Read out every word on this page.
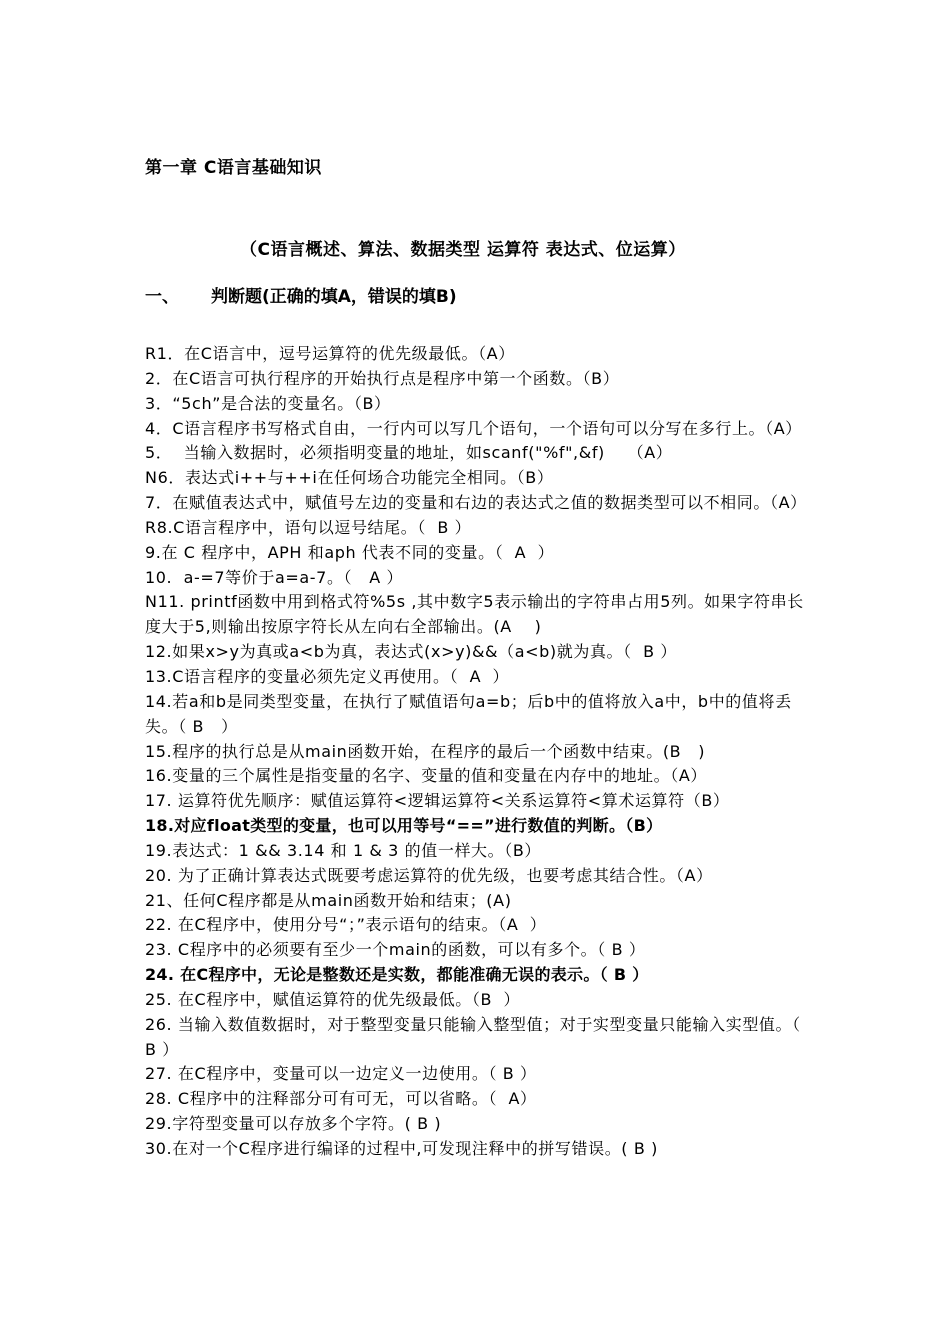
第一章 C语言基础知识
（C语言概述、算法、数据类型 运算符 表达式、位运算）
一、 判断题(正确的填A，错误的填B)
R1．在C语言中，逗号运算符的优先级最低。（A）
2．在C语言可执行程序的开始执行点是程序中第一个函数。（B）
3．“5ch”是合法的变量名。（B）
4．C语言程序书写格式自由，一行内可以写几个语句，一个语句可以分写在多行上。（A）
5．  当输入数据时，必须指明变量的地址，如scanf("%f",&f)    （A）
N6．表达式i++与++i在任何场合功能完全相同。（B）
7．在赋值表达式中，赋值号左边的变量和右边的表达式之值的数据类型可以不相同。（A）
R8.C语言程序中，语句以逗号结尾。（  B ）
9.在 C 程序中，APH 和aph 代表不同的变量。（  A  ）
10.  a-=7等价于a=a-7。（   A ）
N11. printf函数中用到格式符%5s ,其中数字5表示输出的字符串占用5列。如果字符串长度大于5,则输出按原字符长从左向右全部输出。(A    )
12.如果x>y为真或a<b为真，表达式(x>y)&&（a<b)就为真。（  B ）
13.C语言程序的变量必须先定义再使用。（  A  ）
14.若a和b是同类型变量，在执行了赋值语句a=b；后b中的值将放入a中，b中的值将丢失。（ B   ）
15.程序的执行总是从main函数开始，在程序的最后一个函数中结束。(B   )
16.变量的三个属性是指变量的名字、变量的值和变量在内存中的地址。（A）
17. 运算符优先顺序：赋值运算符<逻辑运算符<关系运算符<算术运算符（B）
18.对应float类型的变量，也可以用等号“==”进行数值的判断。（B）
19.表达式：1 && 3.14 和 1 & 3 的值一样大。（B）
20. 为了正确计算表达式既要考虑运算符的优先级，也要考虑其结合性。（A）
21、任何C程序都是从main函数开始和结束；(A)
22. 在C程序中，使用分号“；”表示语句的结束。（A  ）
23. C程序中的必须要有至少一个main的函数，可以有多个。（ B ）
24. 在C程序中，无论是整数还是实数，都能准确无误的表示。（ B ）
25. 在C程序中，赋值运算符的优先级最低。（B  ）
26. 当输入数值数据时，对于整型变量只能输入整型值；对于实型变量只能输入实型值。（ B ）
27. 在C程序中，变量可以一边定义一边使用。（ B ）
28. C程序中的注释部分可有可无，可以省略。（  A）
29.字符型变量可以存放多个字符。( B )
30.在对一个C程序进行编译的过程中,可发现注释中的拼写错误。( B )
